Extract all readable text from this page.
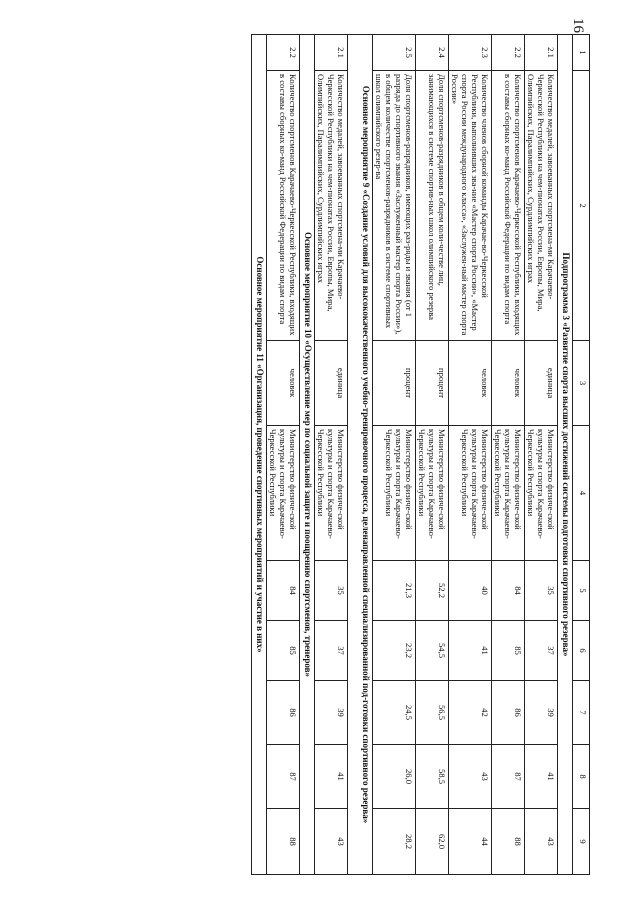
16
1	2	3	4	5	6	7	8	9
Подпрограмма 3 «Развитие спорта высших достижений системы подготовки спортивного резерва»								
2.1	Количество медалей, завоеванных спортсмена-ми Карачаево-Черкесской Республики на чем-пионатах России, Европы, Мира, Олимпийских, Паралимпийских, Сурдлимпийских играх	единица	Министерство физиче-ской культуры и спорта Карачаево-Черкесской Республики	35	37	39	41	43
2.2	Количество спортсменов Карачаево-Черкесской Республики, входящих в составы сборных ко-манд Российской Федерации по видам спорта	человек	Министерство физиче-ской культуры и спорта Карачаево-Черкесской Республики	84	85	86	87	88
2.3	Количество членов сборной команды Карачае-во-Черкесской Республики, выполнивших зва-ние «Мастер спорта России», «Мастер спорта России международного класса», «Заслужен-ный мастер спорта России»	человек	Министерство физиче-ской культуры и спорта Карачаево-Черкесской Республики	40	41	42	43	44
2.4	Доля спортсменов-разрядников в общем коли-честве лиц, занимающихся в системе спортив-ных школ олимпийского резерва	процент	Министерство физиче-ской культуры и спорта Карачаево-Черкесской Республики	52,2	54,5	56,5	58,5	62,0
2.5	Доля спортсменов-разрядников, имеющих раз-ряды и звания (от 1 разряда до спортивного звания «Заслуженный мастер спорта России»), в общем количестве спортсменов-разрядников в системе спортивных школ олимпийского резер-ва	процент	Министерство физиче-ской культуры и спорта Карачаево-Черкесской Республики	21,3	23,2	24,5	26,0	28,2
Основное мероприятие 9 «Создание условий для высококачественного учебно-тренировочного процесса, целенаправленной специализированной под-готовки спортивного резерва»								
2.1	Количество медалей, завоеванных спортсмена-ми Карачаево-Черкесской Республики на чем-пионатах России, Европы, Мира, Олимпийских, Паралимпийских, Сурдлимпийских играх	единица	Министерство физиче-ской культуры и спорта Карачаево-Черкесской Республики	35	37	39	41	43
Основное мероприятие 10 «Осуществление мер по социальной защите и поощрению спортсменов, тренеров»								
2.2	Количество спортсменов Карачаево-Черкесской Республики, входящих в составы сборных ко-манд Российской Федерации по видам спорта	человек	Министерство физиче-ской культуры и спорта Карачаево-Черкесской Республики	84	85	86	87	88
Основное мероприятие 11 «Организация, проведение спортивных мероприятий и участие в них»								
